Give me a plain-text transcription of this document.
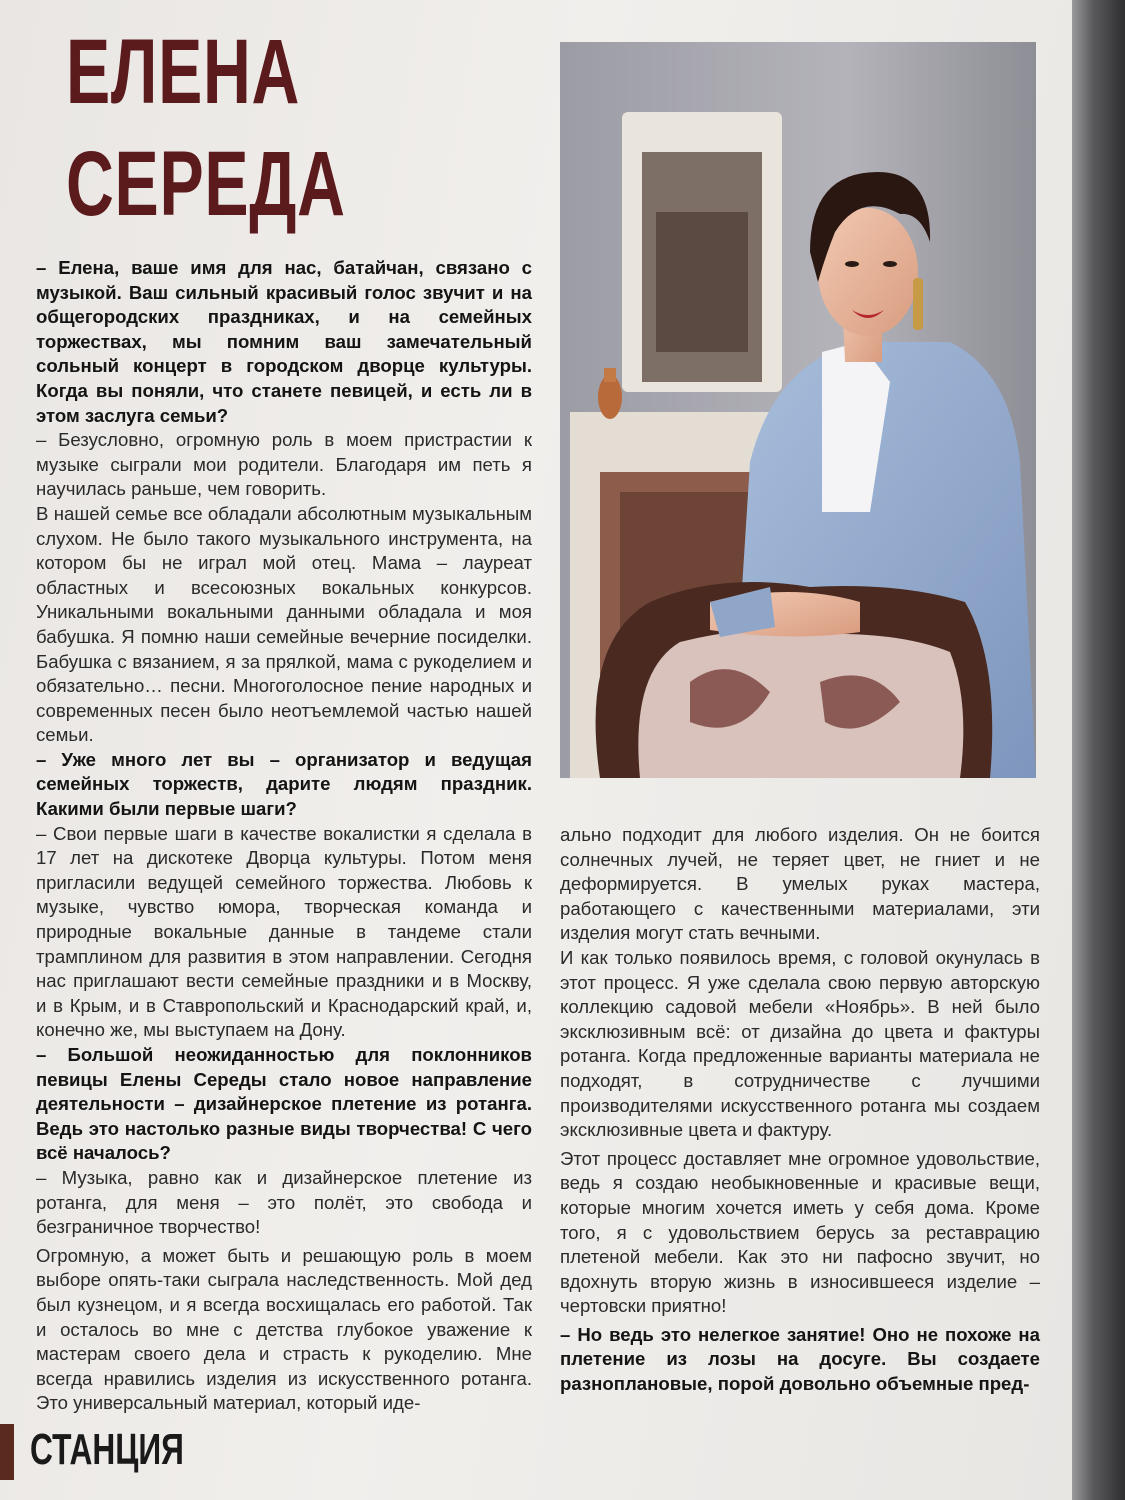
ЕЛЕНА
СЕРЕДА

– Елена, ваше имя для нас, батайчан, связано с музыкой. Ваш сильный красивый голос звучит и на общегородских праздниках, и на семейных торжествах, мы помним ваш замечательный сольный концерт в городском дворце культуры. Когда вы поняли, что станете певицей, и есть ли в этом заслуга семьи?

– Безусловно, огромную роль в моем пристрастии к музыке сыграли мои родители. Благодаря им петь я научилась раньше, чем говорить.

В нашей семье все обладали абсолютным музыкальным слухом. Не было такого музыкального инструмента, на котором бы не играл мой отец. Мама – лауреат областных и всесоюзных вокальных конкурсов. Уникальными вокальными данными обладала и моя бабушка. Я помню наши семейные вечерние посиделки. Бабушка с вязанием, я за прялкой, мама с рукоделием и обязательно… песни. Многоголосное пение народных и современных песен было неотъемлемой частью нашей семьи.

– Уже много лет вы – организатор и ведущая семейных торжеств, дарите людям праздник. Какими были первые шаги?

– Свои первые шаги в качестве вокалистки я сделала в 17 лет на дискотеке Дворца культуры. Потом меня пригласили ведущей семейного торжества. Любовь к музыке, чувство юмора, творческая команда и природные вокальные данные в тандеме стали трамплином для развития в этом направлении. Сегодня нас приглашают вести семейные праздники и в Москву, и в Крым, и в Ставропольский и Краснодарский край, и, конечно же, мы выступаем на Дону.

– Большой неожиданностью для поклонников певицы Елены Середы стало новое направление деятельности – дизайнерское плетение из ротанга. Ведь это настолько разные виды творчества! С чего всё началось?

– Музыка, равно как и дизайнерское плетение из ротанга, для меня – это полёт, это свобода и безграничное творчество!

Огромную, а может быть и решающую роль в моем выборе опять-таки сыграла наследственность. Мой дед был кузнецом, и я всегда восхищалась его работой. Так и осталось во мне с детства глубокое уважение к мастерам своего дела и страсть к рукоделию. Мне всегда нравились изделия из искусственного ротанга. Это универсальный материал, который иде-

ально подходит для любого изделия. Он не боится солнечных лучей, не теряет цвет, не гниет и не деформируется. В умелых руках мастера, работающего с качественными материалами, эти изделия могут стать вечными.

И как только появилось время, с головой окунулась в этот процесс. Я уже сделала свою первую авторскую коллекцию садовой мебели «Ноябрь». В ней было эксклюзивным всё: от дизайна до цвета и фактуры ротанга. Когда предложенные варианты материала не подходят, в сотрудничестве с лучшими производителями искусственного ротанга мы создаем эксклюзивные цвета и фактуру.

Этот процесс доставляет мне огромное удовольствие, ведь я создаю необыкновенные и красивые вещи, которые многим хочется иметь у себя дома. Кроме того, я с удовольствием берусь за реставрацию плетеной мебели. Как это ни пафосно звучит, но вдохнуть вторую жизнь в износившееся изделие – чертовски приятно!

– Но ведь это нелегкое занятие! Оно не похоже на плетение из лозы на досуге. Вы создаете разноплановые, порой довольно объемные пред-

СТАНЦИЯ
